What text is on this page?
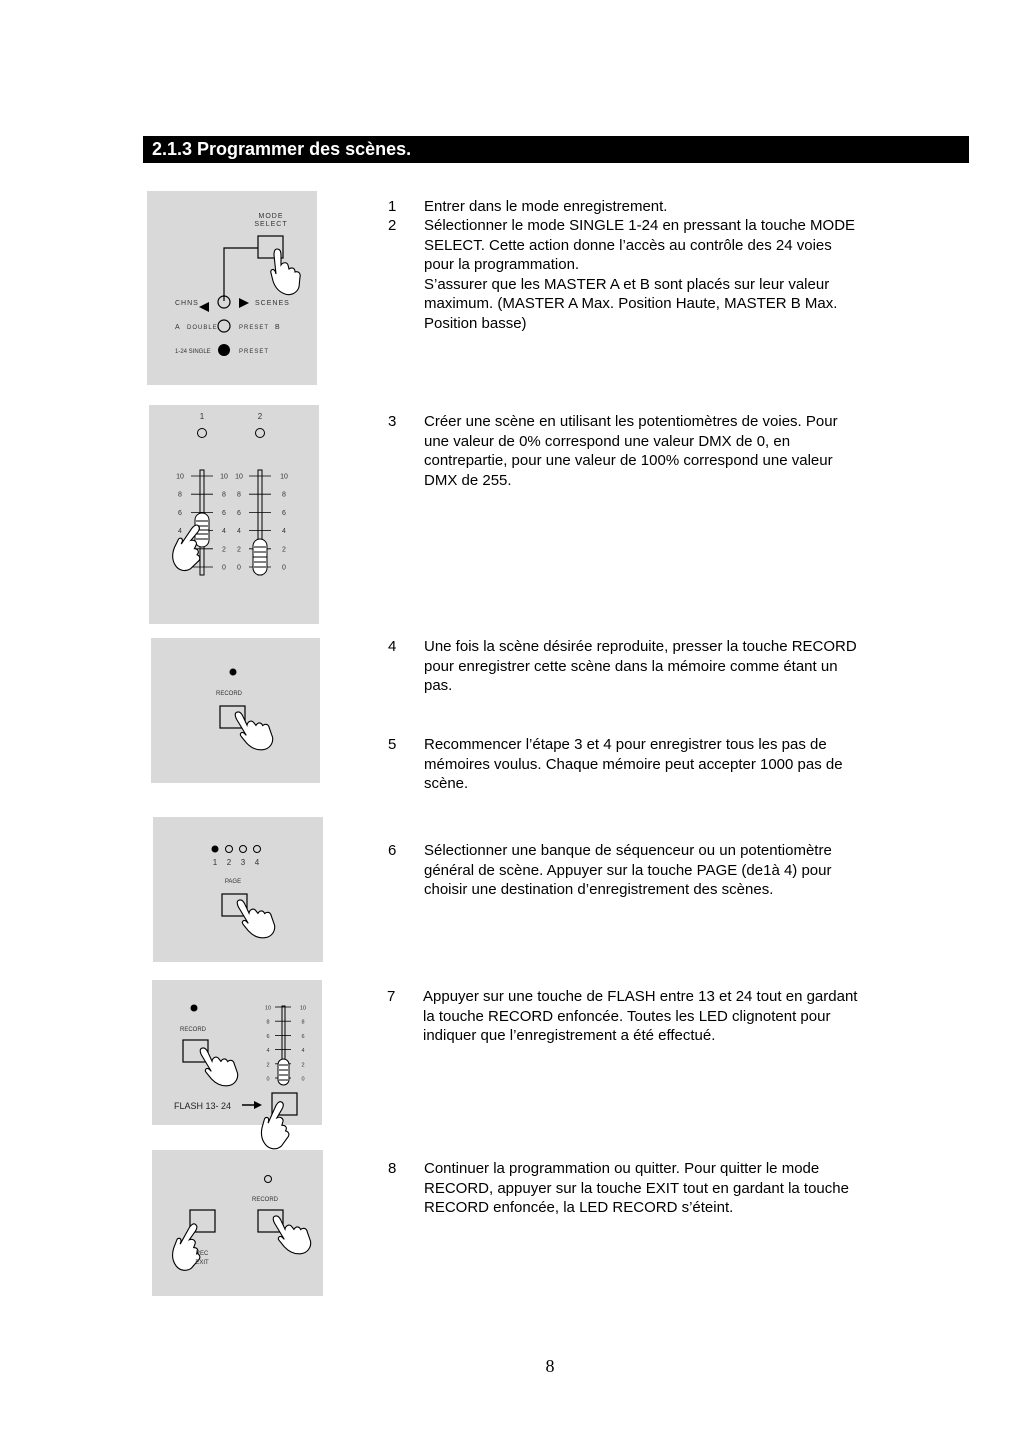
2.1.3 Programmer des scènes.
MODE
SELECT
CHNS	SCENES
A DOUBLE	PRESET B
1-24 SINGLE	PRESET
1	2
10	10
8	8
6	6
4	4
2
0
10	10
8	8
6	6
4	4
2	2
0	0
RECORD
1 2 3 4
PAGE
RECORD
10	10
8	8
6	6
4	4
2	2
0	0
FLASH 13- 24
REC
EXIT
RECORD
1 Entrer dans le mode enregistrement.
2 Sélectionner le mode SINGLE 1-24 en pressant la touche MODE
SELECT. Cette action donne l’accès au contrôle des 24 voies
pour la programmation.
S’assurer que les MASTER A et B sont placés sur leur valeur
maximum. (MASTER A Max. Position Haute, MASTER B Max.
Position basse)
3 Créer une scène en utilisant les potentiomètres de voies. Pour
une valeur de 0% correspond une valeur DMX de 0, en
contrepartie, pour une valeur de 100% correspond une valeur
DMX de 255.
4 Une fois la scène désirée reproduite, presser la touche RECORD
pour enregistrer cette scène dans la mémoire comme étant un
pas.
5 Recommencer l’étape 3 et 4 pour enregistrer tous les pas de
mémoires voulus. Chaque mémoire peut accepter 1000 pas de
scène.
6 Sélectionner une banque de séquenceur ou un potentiomètre
général de scène. Appuyer sur la touche PAGE (de1à 4) pour
choisir une destination d’enregistrement des scènes.
7 Appuyer sur une touche de FLASH entre 13 et 24 tout en gardant
la touche RECORD enfoncée. Toutes les LED clignotent pour
indiquer que l’enregistrement a été effectué.
8 Continuer la programmation ou quitter. Pour quitter le mode
RECORD, appuyer sur la touche EXIT tout en gardant la touche
RECORD enfoncée, la LED RECORD s’éteint.
8
